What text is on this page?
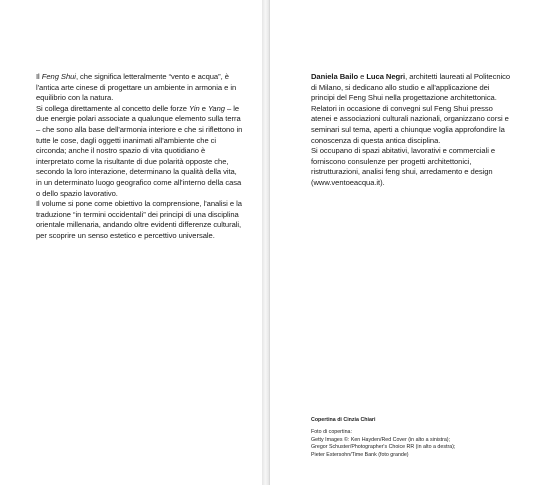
Il Feng Shui, che significa letteralmente “vento e acqua”, è l'antica arte cinese di progettare un ambiente in armonia e in equilibrio con la natura.

Si collega direttamente al concetto delle forze Yin e Yang – le due energie polari associate a qualunque elemento sulla terra – che sono alla base dell'armonia interiore e che si riflettono in tutte le cose, dagli oggetti inanimati all'ambiente che ci circonda; anche il nostro spazio di vita quotidiano è interpretato come la risultante di due polarità opposte che, secondo la loro interazione, determinano la qualità della vita, in un determinato luogo geografico come all'interno della casa o dello spazio lavorativo.

Il volume si pone come obiettivo la comprensione, l'analisi e la traduzione “in termini occidentali” dei principi di una disciplina orientale millenaria, andando oltre evidenti differenze culturali, per scoprire un senso estetico e percettivo universale.

Daniela Bailo e Luca Negri, architetti laureati al Politecnico di Milano, si dedicano allo studio e all'applicazione dei principi del Feng Shui nella progettazione architettonica. Relatori in occasione di convegni sul Feng Shui presso atenei e associazioni culturali nazionali, organizzano corsi e seminari sul tema, aperti a chiunque voglia approfondire la conoscenza di questa antica disciplina.

Si occupano di spazi abitativi, lavorativi e commerciali e forniscono consulenze per progetti architettonici, ristrutturazioni, analisi feng shui, arredamento e design (www.ventoeacqua.it).

Copertina di Cinzia Chiari
Foto di copertina:
Getty Images ©: Ken Hayden/Red Cover (in alto a sinistra);
Gregor Schuster/Photographer's Choice RR (in alto a destra);
Pieter Estersohn/Time Bank (foto grande)
